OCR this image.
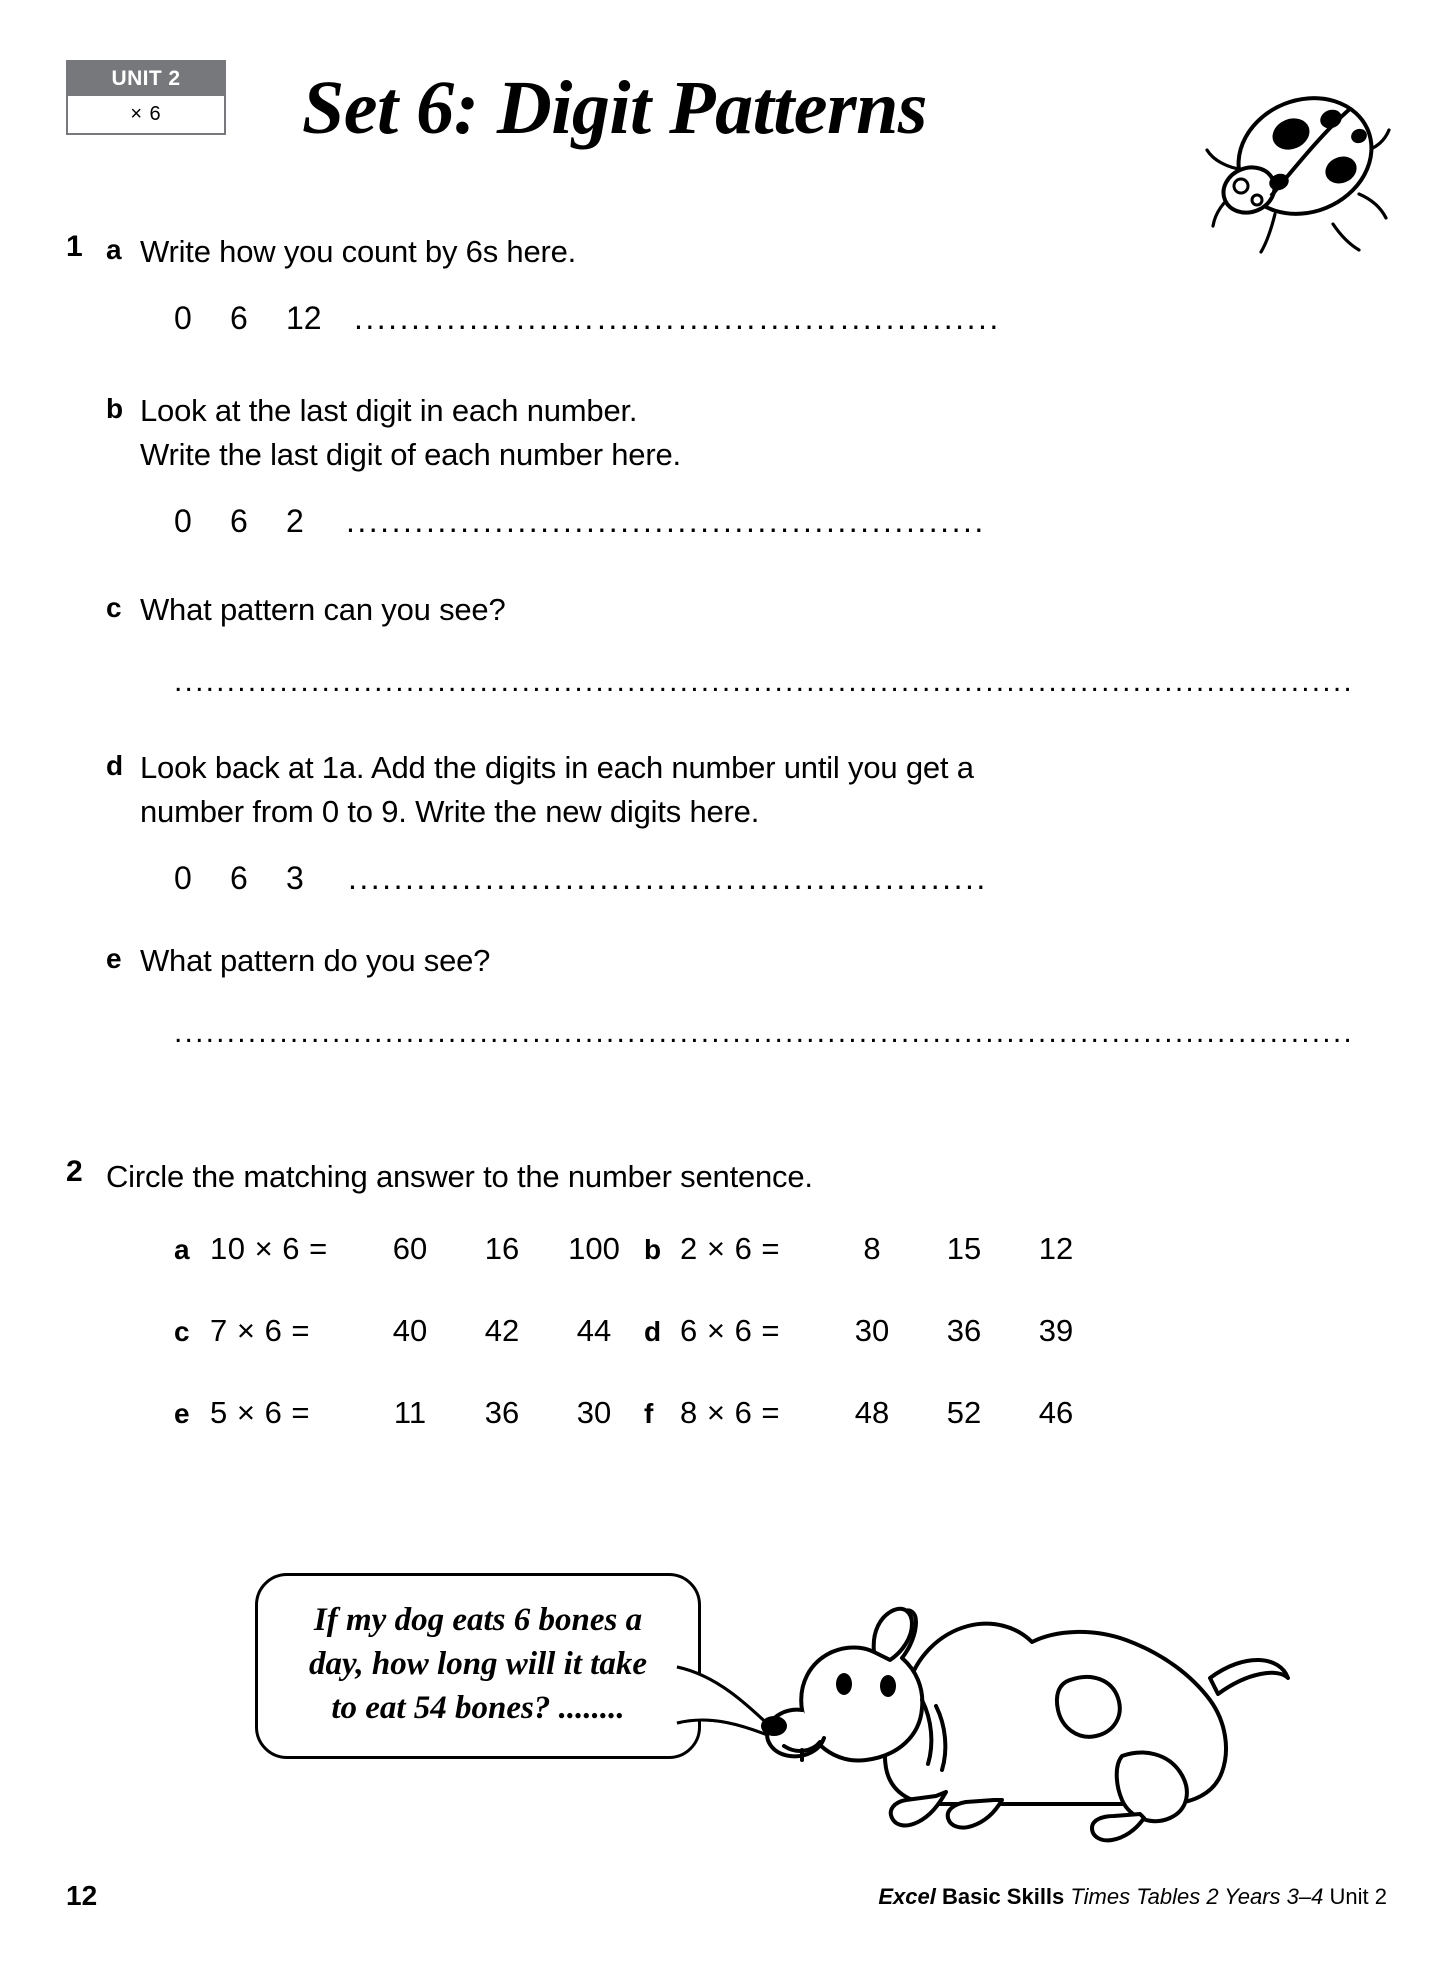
UNIT 2
× 6	Set 6: Digit Patterns
1 a Write how you count by 6s here.
0	6	12	....... ....... ....... ....... ....... ....... ....... .......
b Look at the last digit in each number.
Write the last digit of each number here.
0	6	2	....... ....... ....... ....... ....... ....... ....... .......
c What pattern can you see?
................................................................................................................
d Look back at 1a. Add the digits in each number until you get a
number from 0 to 9. Write the new digits here.
0	6	3	....... ....... ....... ....... ....... ....... ....... .......
e What pattern do you see?
................................................................................................................
2 Circle the matching answer to the number sentence.
a 10 × 6 =	60	16	100 b 2 × 6 =	8	15	12
c 7 × 6 =	40	42	44	d 6 × 6 =	30	36	39
e 5 × 6 =	11	36	30	f 8 × 6 =	48	52	46
If my dog eats 6 bones a
day, how long will it take
to eat 54 bones? ........
12	Excel Basic Skills Times Tables 2 Years 3–4 Unit 2
